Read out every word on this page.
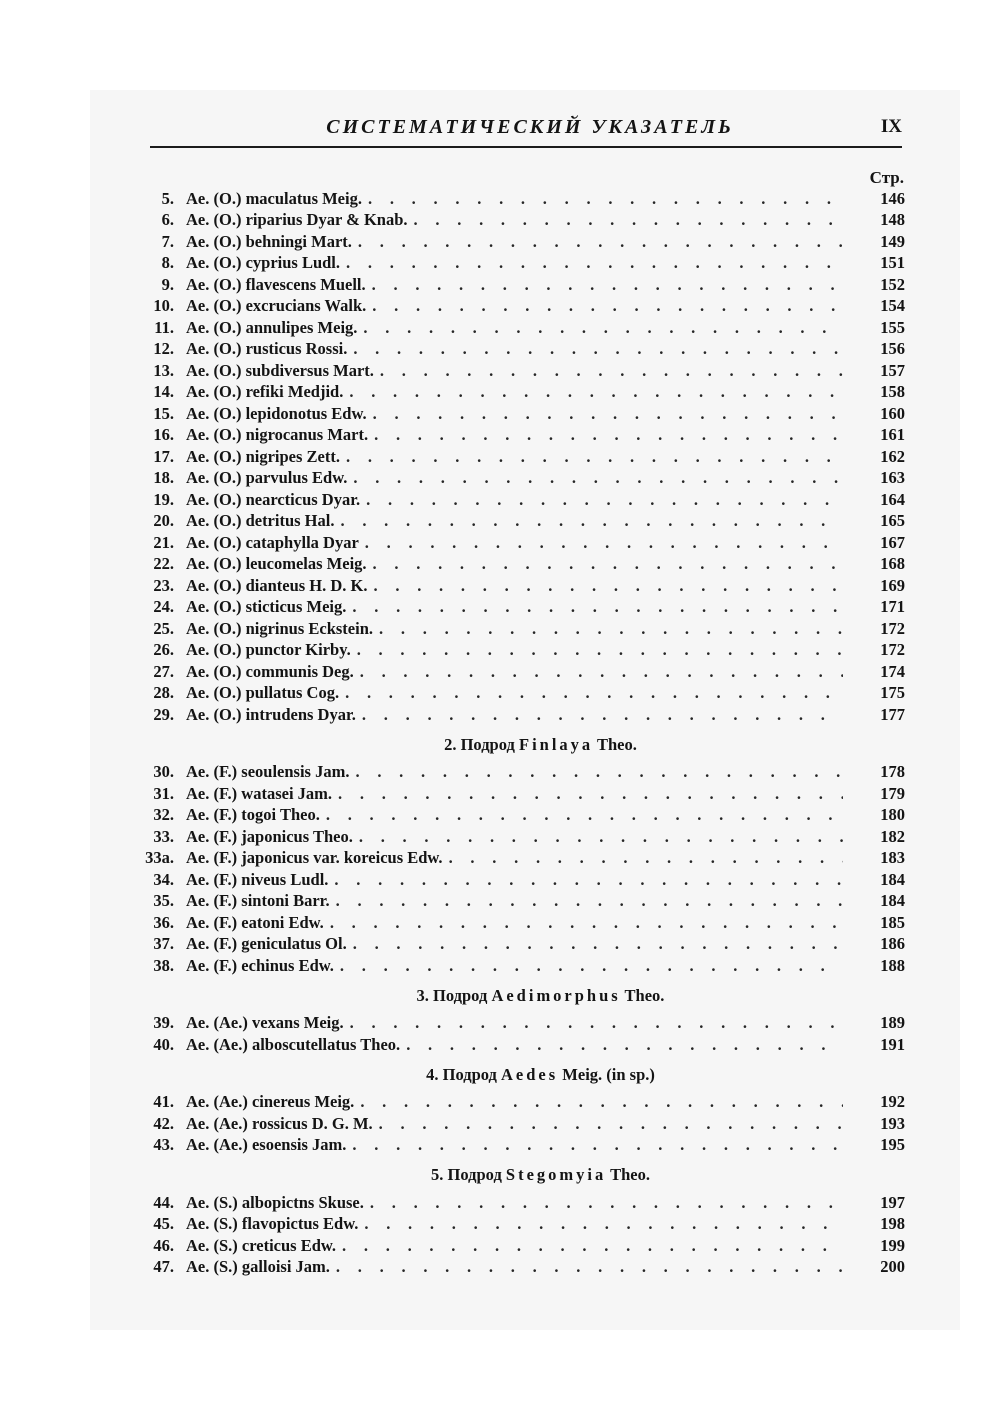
СИСТЕМАТИЧЕСКИЙ УКАЗАТЕЛЬ	IX
Стр.
5. Ae. (O.) maculatus Meig. . . .	146
6. Ae. (O.) riparius Dyar & Knab. . . .	148
7. Ae. (O.) behningi Mart. . . .	149
8. Ae. (O.) cyprius Ludl. . . .	151
9. Ae. (O.) flavescens Muell. . . .	152
10. Ae. (O.) excrucians Walk. . . .	154
11. Ae. (O.) annulipes Meig. . . .	155
12. Ae. (O.) rusticus Rossi. . . .	156
13. Ae. (O.) subdiversus Mart. . . .	157
14. Ae. (O.) refiki Medjid. . . .	158
15. Ae. (O.) lepidonotus Edw. . . .	160
16. Ae. (O.) nigrocanus Mart. . . .	161
17. Ae. (O.) nigripes Zett. . . .	162
18. Ae. (O.) parvulus Edw. . . .	163
19. Ae. (O.) nearcticus Dyar. . . .	164
20. Ae. (O.) detritus Hal. . . .	165
21. Ae. (O.) cataphylla Dyar . . .	167
22. Ae. (O.) leucomelas Meig. . . .	168
23. Ae. (O.) dianteus H. D. K. . . .	169
24. Ae. (O.) sticticus Meig. . . .	171
25. Ae. (O.) nigrinus Eckstein. . . .	172
26. Ae. (O.) punctor Kirby. . . .	172
27. Ae. (O.) communis Deg. . . .	174
28. Ae. (O.) pullatus Cog. . . .	175
29. Ae. (O.) intrudens Dyar. . . .	177
2. Подрод Finlaya Theo.
30. Ae. (F.) seoulensis Jam. . . .	178
31. Ae. (F.) watasei Jam. . . .	179
32. Ae. (F.) togoi Theo. . . .	180
33. Ae. (F.) japonicus Theo. . . .	182
33a. Ae. (F.) japonicus var. koreicus Edw. . . .	183
34. Ae. (F.) niveus Ludl. . . .	184
35. Ae. (F.) sintoni Barr. . . .	184
36. Ae. (F.) eatoni Edw. . . .	185
37. Ae. (F.) geniculatus Ol. . . .	186
38. Ae. (F.) echinus Edw. . . .	188
3. Подрод Aedimorphus Theo.
39. Ae. (Ae.) vexans Meig. . . .	189
40. Ae. (Ae.) alboscutellatus Theo. . . .	191
4. Подрод Aedes Meig. (in sp.)
41. Ae. (Ae.) cinereus Meig. . . .	192
42. Ae. (Ae.) rossicus D. G. M. . . .	193
43. Ae. (Ae.) esoensis Jam. . . .	195
5. Подрод Stegomyia Theo.
44. Ae. (S.) albopictns Skuse. . . .	197
45. Ae. (S.) flavopictus Edw. . . .	198
46. Ae. (S.) creticus Edw. . . .	199
47. Ae. (S.) galloisi Jam. . . .	200
